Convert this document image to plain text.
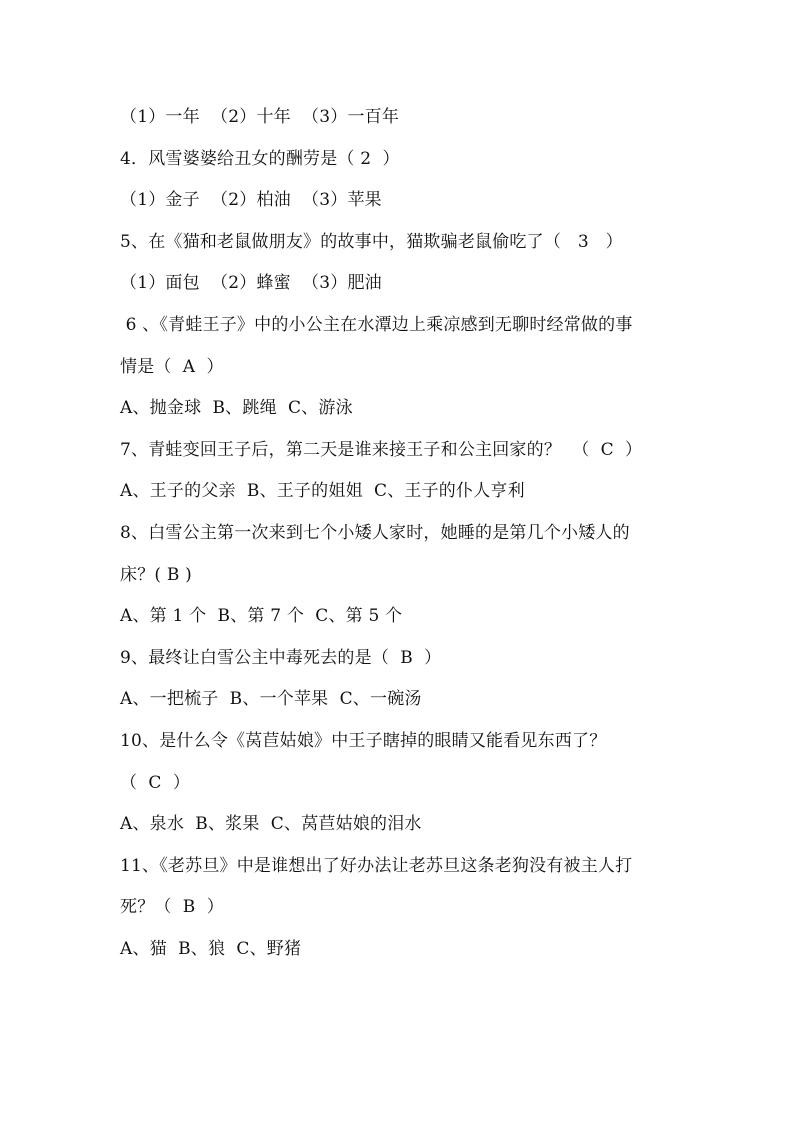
（1）一年  （2）十年  （3）一百年
4．风雪婆婆给丑女的酬劳是（ 2  ）
（1）金子  （2）柏油  （3）苹果
5、在《猫和老鼠做朋友》的故事中，猫欺骗老鼠偷吃了（   3   ）
（1）面包  （2）蜂蜜  （3）肥油
6 、《青蛙王子》中的小公主在水潭边上乘凉感到无聊时经常做的事
情是（  A  ）
A、抛金球  B、跳绳  C、游泳
7、青蛙变回王子后，第二天是谁来接王子和公主回家的？  （  C  ）
A、王子的父亲  B、王子的姐姐  C、王子的仆人亨利
8、白雪公主第一次来到七个小矮人家时，她睡的是第几个小矮人的
床？( B )
A、第 1 个  B、第 7 个  C、第 5 个
9、最终让白雪公主中毒死去的是（  B  ）
A、一把梳子  B、一个苹果  C、一碗汤
10、是什么令《莴苣姑娘》中王子瞎掉的眼睛又能看见东西了？
（  C  ）
A、泉水  B、浆果  C、莴苣姑娘的泪水
11、《老苏旦》中是谁想出了好办法让老苏旦这条老狗没有被主人打
死？（  B  ）
A、猫  B、狼  C、野猪
